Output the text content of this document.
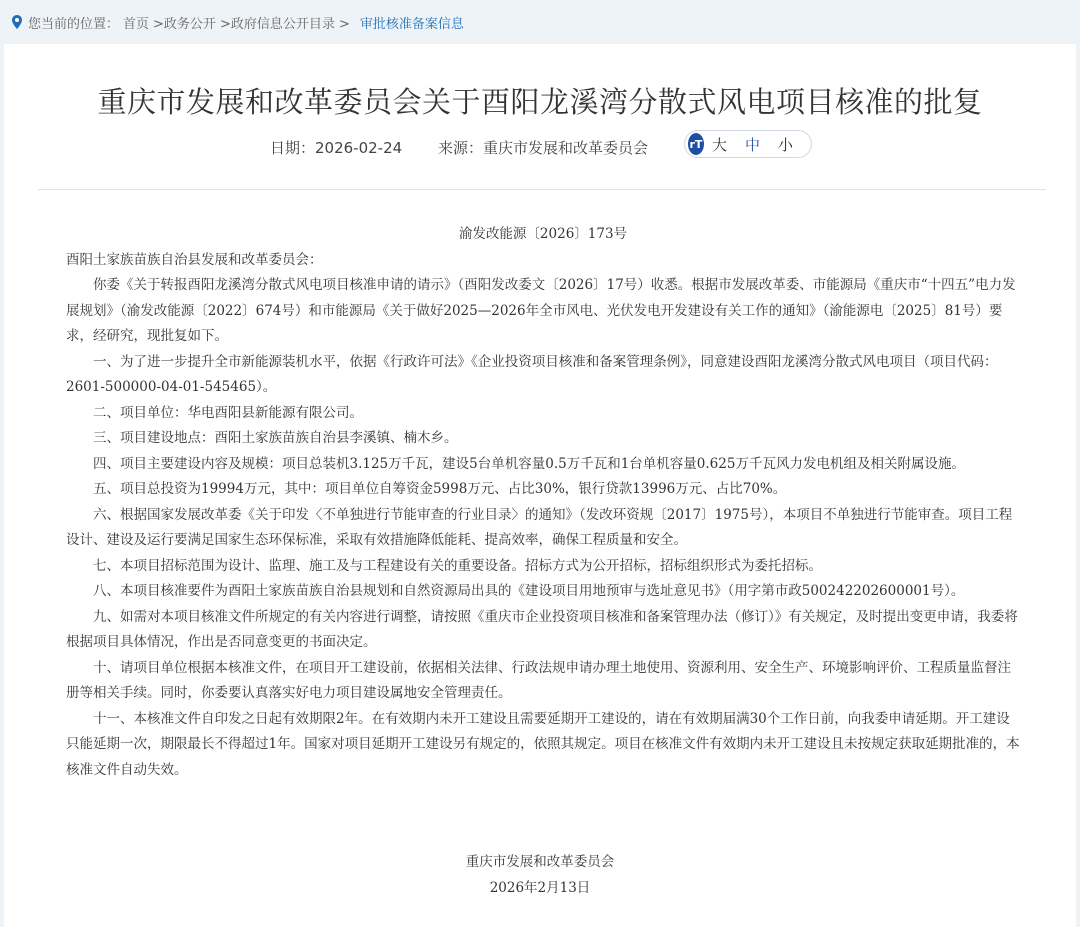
您当前的位置： 首页 >政务公开 >政府信息公开目录 > 审批核准备案信息
重庆市发展和改革委员会关于酉阳龙溪湾分散式风电项目核准的批复
日期：2026-02-24 来源：重庆市发展和改革委员会	rT 大 中 小
渝发改能源〔2026〕173号

酉阳土家族苗族自治县发展和改革委员会：

你委《关于转报酉阳龙溪湾分散式风电项目核准申请的请示》（酉阳发改委文〔2026〕17号）收悉。根据市发展改革委、市能源局《重庆市“十四五”电力发展规划》（渝发改能源〔2022〕674号）和市能源局《关于做好2025—2026年全市风电、光伏发电开发建设有关工作的通知》（渝能源电〔2025〕81号）要求，经研究，现批复如下。

一、为了进一步提升全市新能源装机水平，依据《行政许可法》《企业投资项目核准和备案管理条例》，同意建设酉阳龙溪湾分散式风电项目（项目代码：2601-500000-04-01-545465）。

二、项目单位：华电酉阳县新能源有限公司。

三、项目建设地点：酉阳土家族苗族自治县李溪镇、楠木乡。

四、项目主要建设内容及规模：项目总装机3.125万千瓦，建设5台单机容量0.5万千瓦和1台单机容量0.625万千瓦风力发电机组及相关附属设施。

五、项目总投资为19994万元，其中：项目单位自筹资金5998万元、占比30%，银行贷款13996万元、占比70%。

六、根据国家发展改革委《关于印发〈不单独进行节能审查的行业目录〉的通知》（发改环资规〔2017〕1975号），本项目不单独进行节能审查。项目工程设计、建设及运行要满足国家生态环保标准，采取有效措施降低能耗、提高效率，确保工程质量和安全。

七、本项目招标范围为设计、监理、施工及与工程建设有关的重要设备。招标方式为公开招标，招标组织形式为委托招标。

八、本项目核准要件为酉阳土家族苗族自治县规划和自然资源局出具的《建设项目用地预审与选址意见书》（用字第市政500242202600001号）。

九、如需对本项目核准文件所规定的有关内容进行调整，请按照《重庆市企业投资项目核准和备案管理办法（修订）》有关规定，及时提出变更申请，我委将根据项目具体情况，作出是否同意变更的书面决定。

十、请项目单位根据本核准文件，在项目开工建设前，依据相关法律、行政法规申请办理土地使用、资源利用、安全生产、环境影响评价、工程质量监督注册等相关手续。同时，你委要认真落实好电力项目建设属地安全管理责任。

十一、本核准文件自印发之日起有效期限2年。在有效期内未开工建设且需要延期开工建设的，请在有效期届满30个工作日前，向我委申请延期。开工建设只能延期一次，期限最长不得超过1年。国家对项目延期开工建设另有规定的，依照其规定。项目在核准文件有效期内未开工建设且未按规定获取延期批准的，本核准文件自动失效。

重庆市发展和改革委员会
2026年2月13日
